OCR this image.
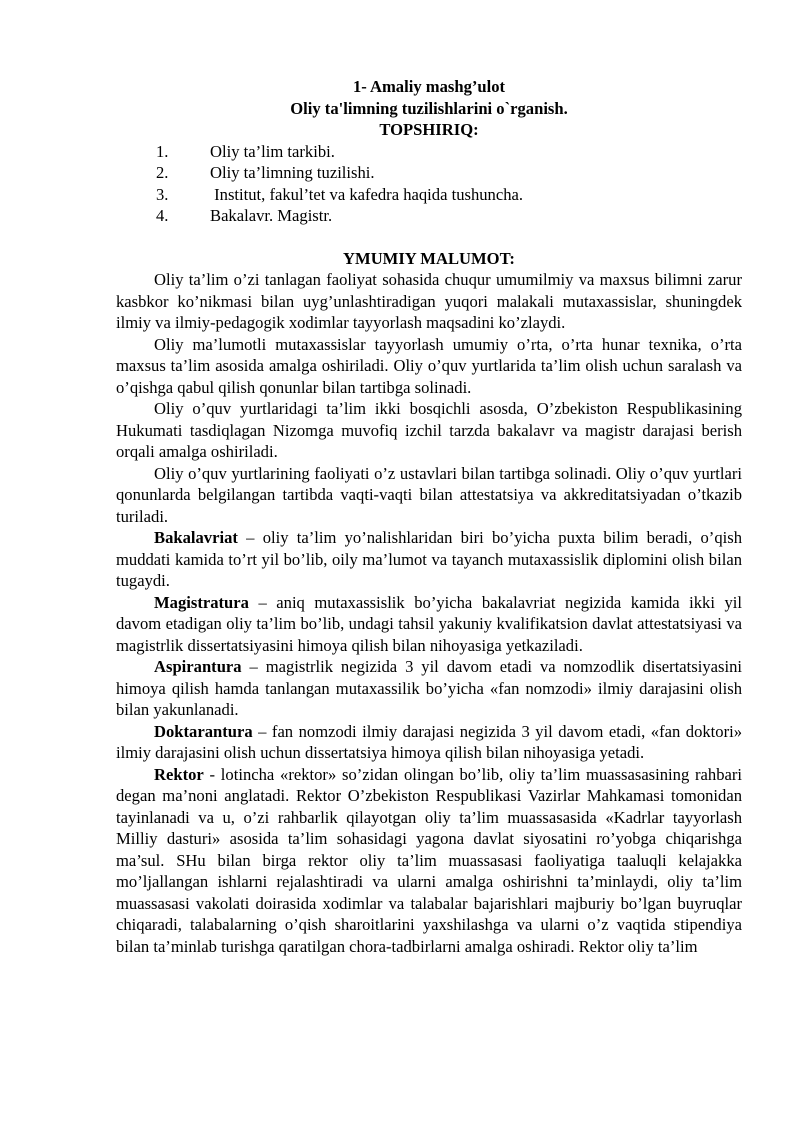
1- Amaliy mashg’ulot
Oliy ta'limning tuzilishlarini o`rganish.
TOPSHIRIQ:
1.	Oliy ta’lim tarkibi.
2.	Oliy ta’limning tuzilishi.
3.	Institut, fakul’tet va kafedra haqida tushuncha.
4.	Bakalavr. Magistr.
YMUMIY MALUMOT:

Oliy ta’lim o’zi tanlagan faoliyat sohasida chuqur umumilmiy va maxsus bilimni zarur kasbkor ko’nikmasi bilan uyg’unlashtiradigan yuqori malakali mutaxassislar, shuningdek ilmiy va ilmiy-pedagogik xodimlar tayyorlash maqsadini ko’zlaydi.

Oliy ma’lumotli mutaxassislar tayyorlash umumiy o’rta, o’rta hunar texnika, o’rta maxsus ta’lim asosida amalga oshiriladi. Oliy o’quv yurtlarida ta’lim olish uchun saralash va o’qishga qabul qilish qonunlar bilan tartibga solinadi.

Oliy o’quv yurtlaridagi ta’lim ikki bosqichli asosda, O’zbekiston Respublikasining Hukumati tasdiqlagan Nizomga muvofiq izchil tarzda bakalavr va magistr darajasi berish orqali amalga oshiriladi.

Oliy o’quv yurtlarining faoliyati o’z ustavlari bilan tartibga solinadi. Oliy o’quv yurtlari qonunlarda belgilangan tartibda vaqti-vaqti bilan attestatsiya va akkreditatsiyadan o’tkazib turiladi.

Bakalavriat – oliy ta’lim yo’nalishlaridan biri bo’yicha puxta bilim beradi, o’qish muddati kamida to’rt yil bo’lib, oily ma’lumot va tayanch mutaxassislik diplomini olish bilan tugaydi.

Magistratura – aniq mutaxassislik bo’yicha bakalavriat negizida kamida ikki yil davom etadigan oliy ta’lim bo’lib, undagi tahsil yakuniy kvalifikatsion davlat attestatsiyasi va magistrlik dissertatsiyasini himoya qilish bilan nihoyasiga yetkaziladi.

Aspirantura – magistrlik negizida 3 yil davom etadi va nomzodlik disertatsiyasini himoya qilish hamda tanlangan mutaxassilik bo’yicha «fan nomzodi» ilmiy darajasini olish bilan yakunlanadi.

Doktarantura – fan nomzodi ilmiy darajasi negizida 3 yil davom etadi, «fan doktori» ilmiy darajasini olish uchun dissertatsiya himoya qilish bilan nihoyasiga yetadi.

Rektor - lotincha «rektor» so’zidan olingan bo’lib, oliy ta’lim muassasasining rahbari degan ma’noni anglatadi. Rektor O’zbekiston Respublikasi Vazirlar Mahkamasi tomonidan tayinlanadi va u, o’zi rahbarlik qilayotgan oliy ta’lim muassasasida «Kadrlar tayyorlash Milliy dasturi» asosida ta’lim sohasidagi yagona davlat siyosatini ro’yobga chiqarishga ma’sul. SHu bilan birga rektor oliy ta’lim muassasasi faoliyatiga taaluqli kelajakka mo’ljallangan ishlarni rejalashtiradi va ularni amalga oshirishni ta’minlaydi, oliy ta’lim muassasasi vakolati doirasida xodimlar va talabalar bajarishlari majburiy bo’lgan buyruqlar chiqaradi, talabalarning o’qish sharoitlarini yaxshilashga va ularni o’z vaqtida stipendiya bilan ta’minlab turishga qaratilgan chora-tadbirlarni amalga oshiradi. Rektor oliy ta’lim
